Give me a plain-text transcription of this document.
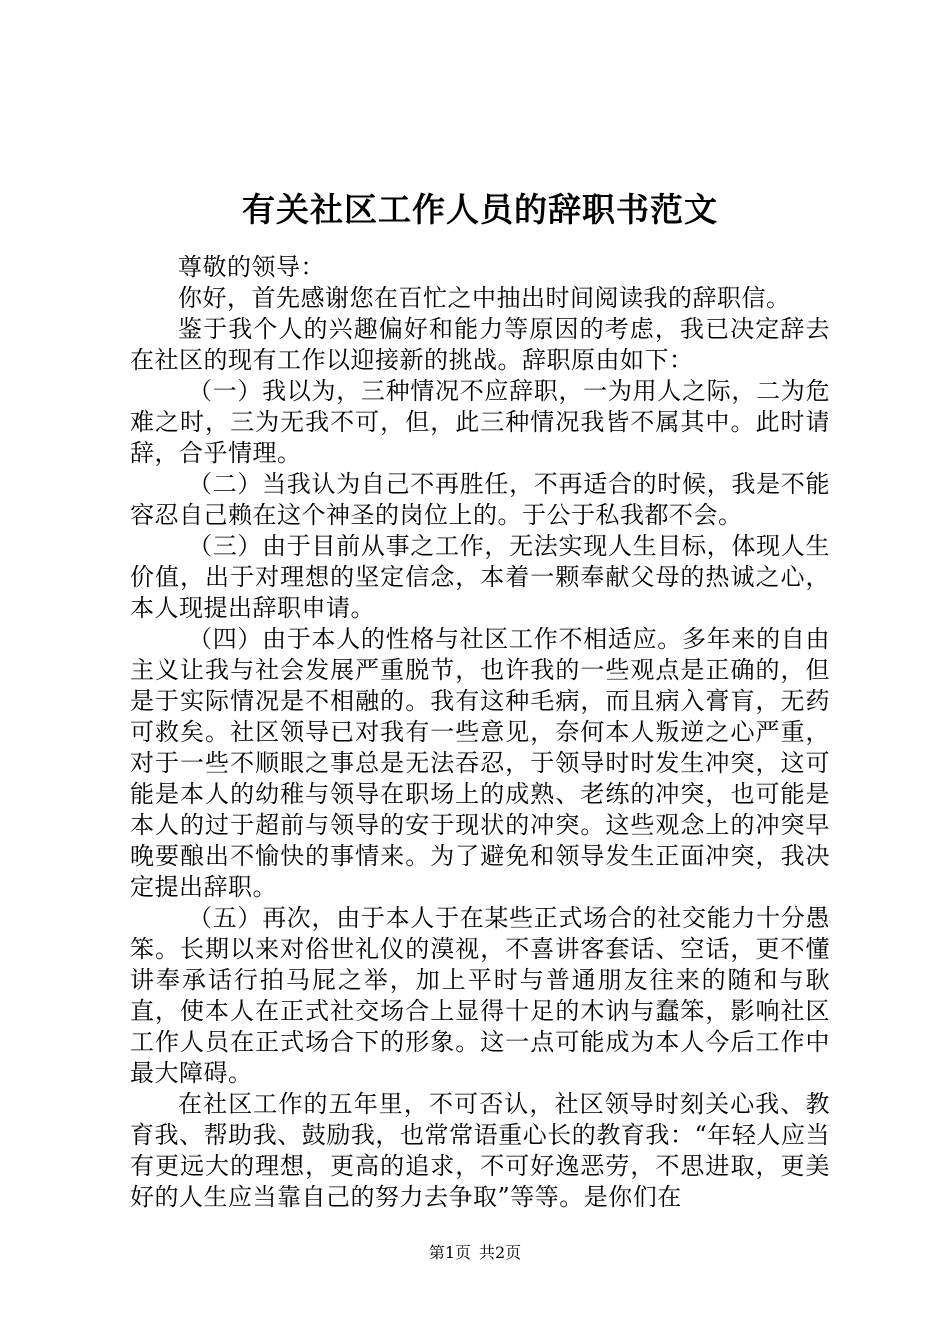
有关社区工作人员的辞职书范文

尊敬的领导：

你好，首先感谢您在百忙之中抽出时间阅读我的辞职信。

鉴于我个人的兴趣偏好和能力等原因的考虑，我已决定辞去在社区的现有工作以迎接新的挑战。辞职原由如下：

（一）我以为，三种情况不应辞职，一为用人之际，二为危难之时，三为无我不可，但，此三种情况我皆不属其中。此时请辞，合乎情理。

（二）当我认为自己不再胜任，不再适合的时候，我是不能容忍自己赖在这个神圣的岗位上的。于公于私我都不会。

（三）由于目前从事之工作，无法实现人生目标，体现人生价值，出于对理想的坚定信念，本着一颗奉献父母的热诚之心，本人现提出辞职申请。

（四）由于本人的性格与社区工作不相适应。多年来的自由主义让我与社会发展严重脱节，也许我的一些观点是正确的，但是于实际情况是不相融的。我有这种毛病，而且病入膏肓，无药可救矣。社区领导已对我有一些意见，奈何本人叛逆之心严重，对于一些不顺眼之事总是无法吞忍，于领导时时发生冲突，这可能是本人的幼稚与领导在职场上的成熟、老练的冲突，也可能是本人的过于超前与领导的安于现状的冲突。这些观念上的冲突早晚要酿出不愉快的事情来。为了避免和领导发生正面冲突，我决定提出辞职。

（五）再次，由于本人于在某些正式场合的社交能力十分愚笨。长期以来对俗世礼仪的漠视，不喜讲客套话、空话，更不懂讲奉承话行拍马屁之举，加上平时与普通朋友往来的随和与耿直，使本人在正式社交场合上显得十足的木讷与蠢笨，影响社区工作人员在正式场合下的形象。这一点可能成为本人今后工作中最大障碍。

在社区工作的五年里，不可否认，社区领导时刻关心我、教育我、帮助我、鼓励我，也常常语重心长的教育我：“年轻人应当有更远大的理想，更高的追求，不可好逸恶劳，不思进取，更美好的人生应当靠自己的努力去争取”等等。是你们在

第1页 共2页
